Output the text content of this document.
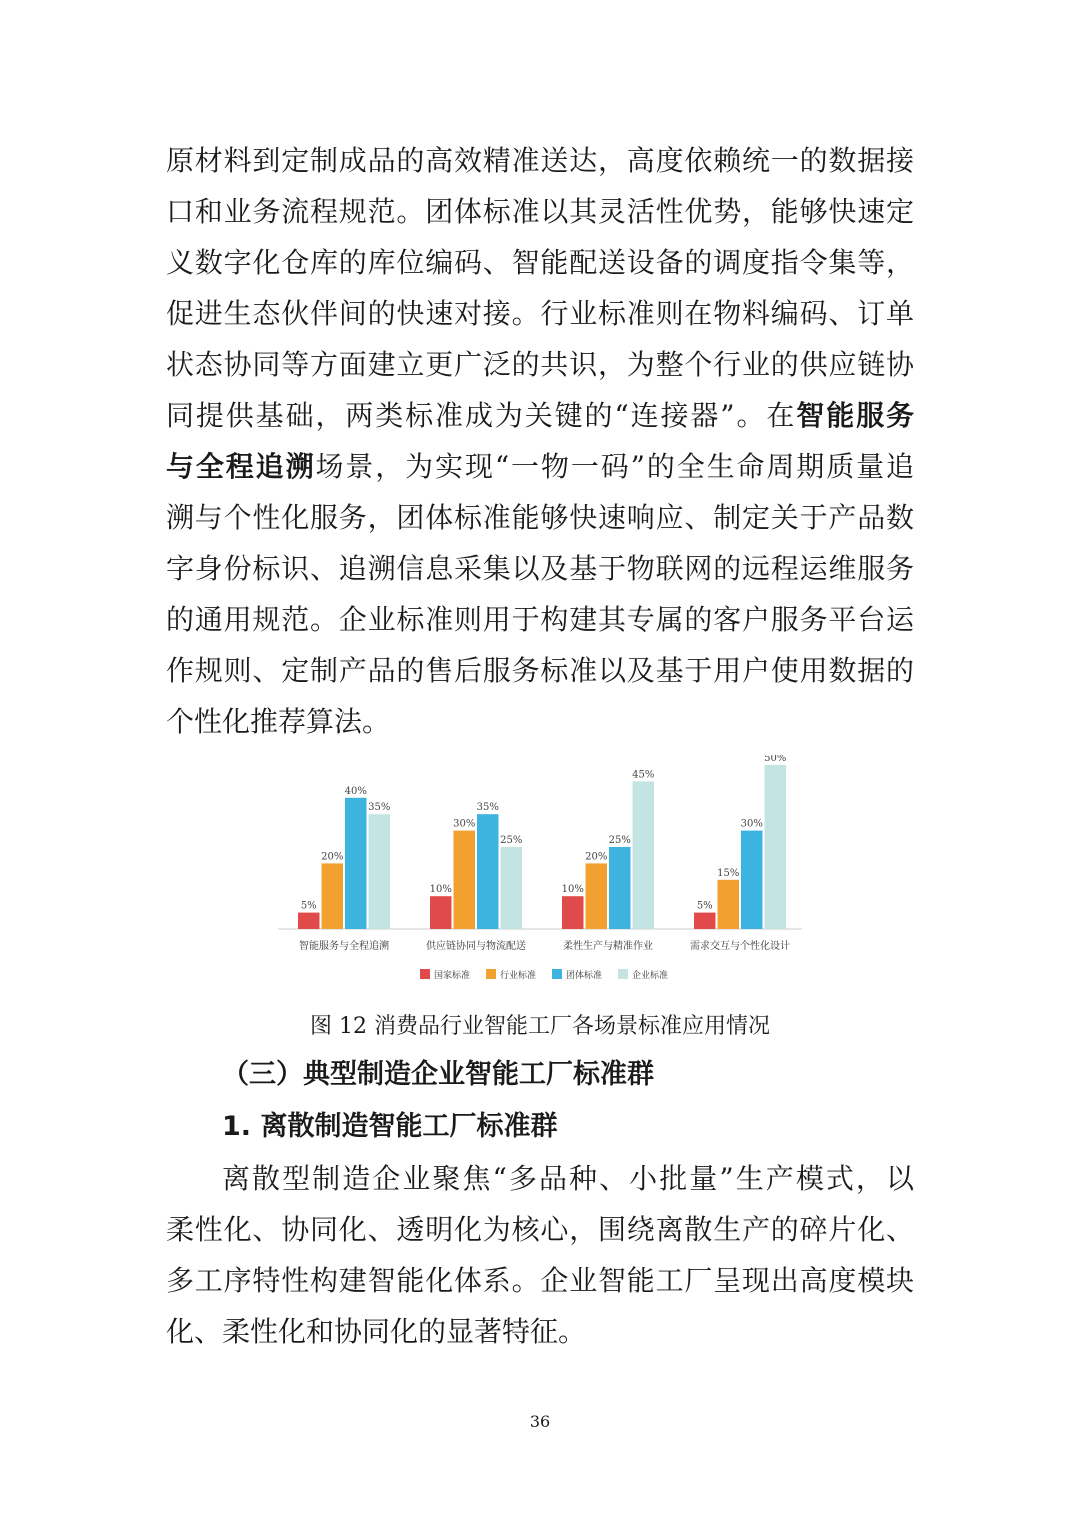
原材料到定制成品的高效精准送达，高度依赖统一的数据接
口和业务流程规范。团体标准以其灵活性优势，能够快速定
义数字化仓库的库位编码、智能配送设备的调度指令集等，
促进生态伙伴间的快速对接。行业标准则在物料编码、订单
状态协同等方面建立更广泛的共识，为整个行业的供应链协
同提供基础，两类标准成为关键的“连接器”。在智能服务
与全程追溯场景，为实现“一物一码”的全生命周期质量追
溯与个性化服务，团体标准能够快速响应、制定关于产品数
字身份标识、追溯信息采集以及基于物联网的远程运维服务
的通用规范。企业标准则用于构建其专属的客户服务平台运
作规则、定制产品的售后服务标准以及基于用户使用数据的
个性化推荐算法。
5%
20%
40%
35%
智能服务与全程追溯
10%
30%
35%
25%
供应链协同与物流配送
10%
20%
25%
45%
柔性生产与精准作业
5%
15%
30%
50%
需求交互与个性化设计
国家标准	行业标准	团体标准	企业标准
图 12 消费品行业智能工厂各场景标准应用情况
（三）典型制造企业智能工厂标准群
1. 离散制造智能工厂标准群
离散型制造企业聚焦“多品种、小批量”生产模式，以
柔性化、协同化、透明化为核心，围绕离散生产的碎片化、
多工序特性构建智能化体系。企业智能工厂呈现出高度模块
化、柔性化和协同化的显著特征。
36
